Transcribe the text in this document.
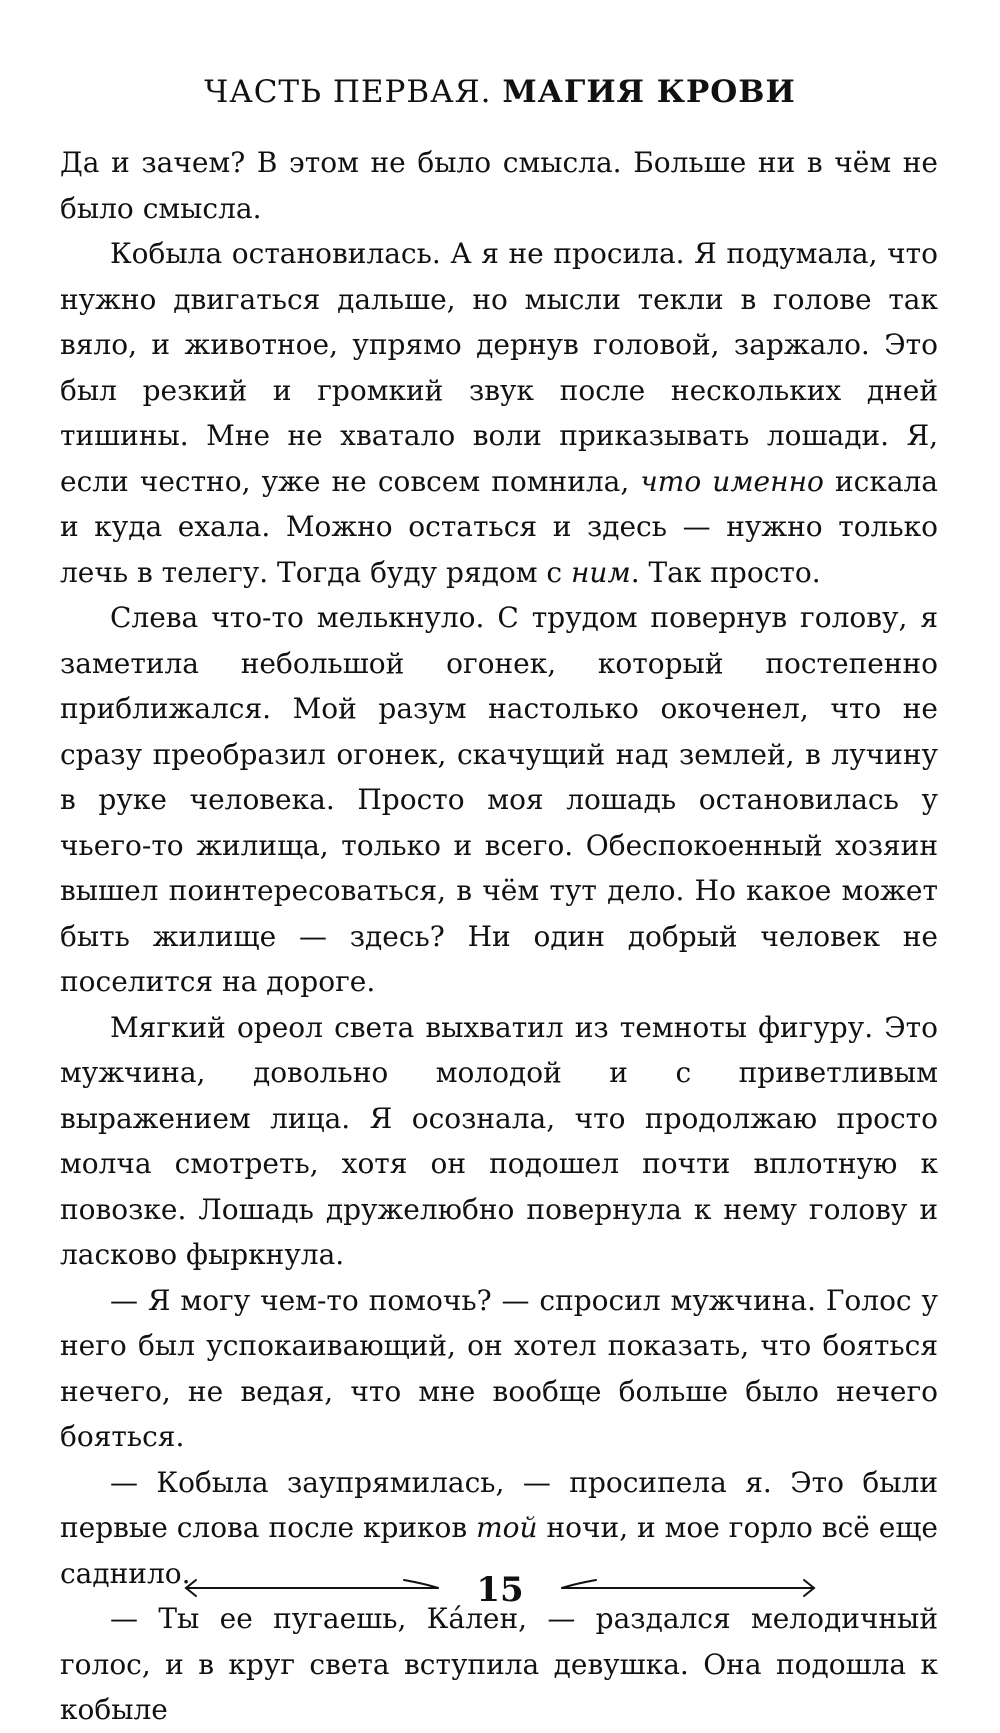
ЧАСТЬ ПЕРВАЯ. МАГИЯ КРОВИ

Да и зачем? В этом не было смысла. Больше ни в чём не было смысла.

Кобыла остановилась. А я не просила. Я подумала, что нужно двигаться дальше, но мысли текли в голове так вяло, и животное, упрямо дернув головой, заржало. Это был резкий и громкий звук после нескольких дней тишины. Мне не хватало воли приказывать лошади. Я, если честно, уже не совсем помнила, что именно искала и куда ехала. Можно остаться и здесь — нужно только лечь в телегу. Тогда буду рядом с ним. Так просто.

Слева что-то мелькнуло. С трудом повернув голову, я заметила небольшой огонек, который постепенно приближался. Мой разум настолько окоченел, что не сразу преобразил огонек, скачущий над землей, в лучину в руке человека. Просто моя лошадь остановилась у чьего-то жилища, только и всего. Обеспокоенный хозяин вышел поинтересоваться, в чём тут дело. Но какое может быть жилище — здесь? Ни один добрый человек не поселится на дороге.

Мягкий ореол света выхватил из темноты фигуру. Это мужчина, довольно молодой и с приветливым выражением лица. Я осознала, что продолжаю просто молча смотреть, хотя он подошел почти вплотную к повозке. Лошадь дружелюбно повернула к нему голову и ласково фыркнула.

— Я могу чем-то помочь? — спросил мужчина. Голос у него был успокаивающий, он хотел показать, что бояться нечего, не ведая, что мне вообще больше было нечего бояться.

— Кобыла заупрямилась, — просипела я. Это были первые слова после криков той ночи, и мое горло всё еще саднило.

— Ты ее пугаешь, Ка́лен, — раздался мелодичный голос, и в круг света вступила девушка. Она подошла к кобыле

15
